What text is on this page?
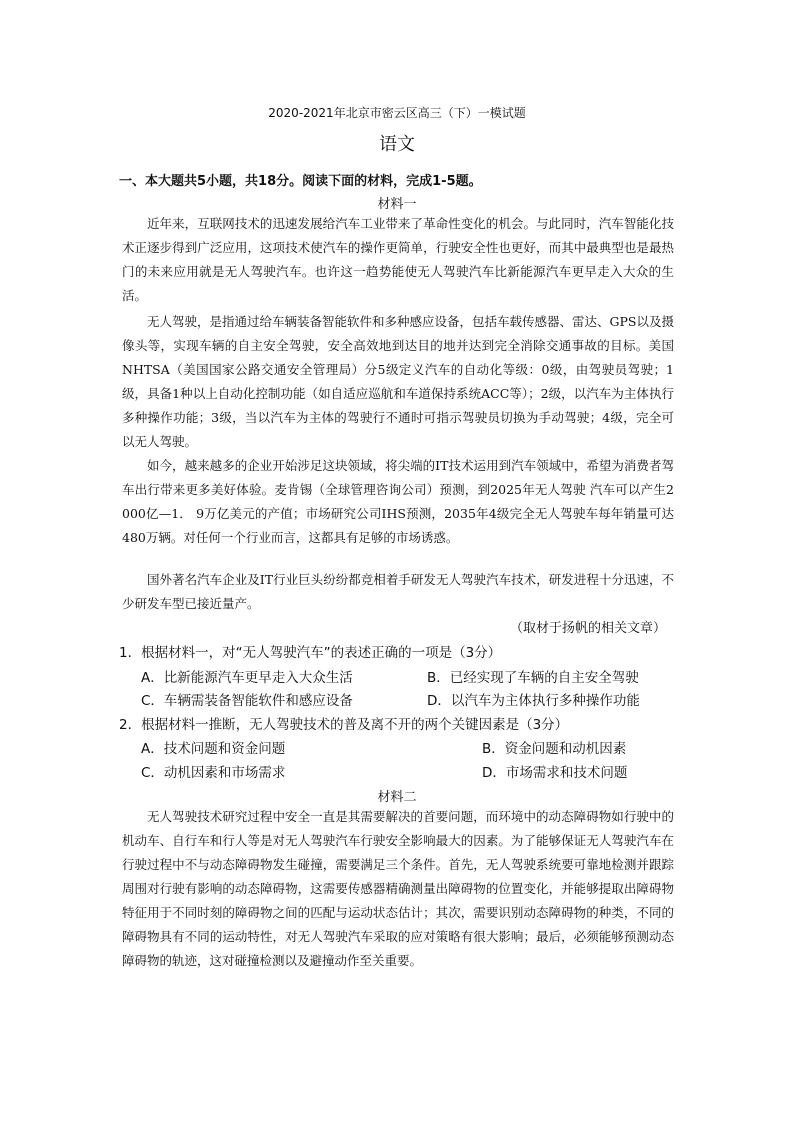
2020-2021年北京市密云区高三（下）一模试题
语文
一、本大题共5小题，共18分。阅读下面的材料，完成1-5题。
材料一
近年来，互联网技术的迅速发展给汽车工业带来了革命性变化的机会。与此同时，汽车智能化技术正逐步得到广泛应用，这项技术使汽车的操作更简单，行驶安全性也更好，而其中最典型也是最热门的未来应用就是无人驾驶汽车。也许这一趋势能使无人驾驶汽车比新能源汽车更早走入大众的生活。
无人驾驶，是指通过给车辆装备智能软件和多种感应设备，包括车载传感器、雷达、GPS以及摄像头等，实现车辆的自主安全驾驶，安全高效地到达目的地并达到完全消除交通事故的目标。美国NHTSA（美国国家公路交通安全管理局）分5级定义汽车的自动化等级：0级，由驾驶员驾驶；1级，具备1种以上自动化控制功能（如自适应巡航和车道保持系统ACC等）；2级，以汽车为主体执行多种操作功能；3级，当以汽车为主体的驾驶行不通时可指示驾驶员切换为手动驾驶；4级，完全可以无人驾驶。
如今，越来越多的企业开始涉足这块领域，将尖端的IT技术运用到汽车领域中，希望为消费者驾车出行带来更多美好体验。麦肯锡（全球管理咨询公司）预测，到2025年无人驾驶 汽车可以产生2 000亿—1． 9万亿美元的产值；市场研究公司IHS预测，2035年4级完全无人驾驶车每年销量可达480万辆。对任何一个行业而言，这都具有足够的市场诱惑。
国外著名汽车企业及IT行业巨头纷纷都竞相着手研发无人驾驶汽车技术，研发进程十分迅速，不少研发车型已接近量产。
（取材于扬帆的相关文章）
1．根据材料一，对“无人驾驶汽车”的表述正确的一项是（3分）
A．比新能源汽车更早走入大众生活	B．已经实现了车辆的自主安全驾驶
C．车辆需装备智能软件和感应设备	D．以汽车为主体执行多种操作功能
2．根据材料一推断，无人驾驶技术的普及离不开的两个关键因素是（3分）
A．技术问题和资金问题	B．资金问题和动机因素
C．动机因素和市场需求	D．市场需求和技术问题
材料二
无人驾驶技术研究过程中安全一直是其需要解决的首要问题，而环境中的动态障碍物如行驶中的机动车、自行车和行人等是对无人驾驶汽车行驶安全影响最大的因素。为了能够保证无人驾驶汽车在行驶过程中不与动态障碍物发生碰撞，需要满足三个条件。首先，无人驾驶系统要可靠地检测并跟踪周围对行驶有影响的动态障碍物，这需要传感器精确测量出障碍物的位置变化，并能够提取出障碍物特征用于不同时刻的障碍物之间的匹配与运动状态估计；其次，需要识别动态障碍物的种类，不同的障碍物具有不同的运动特性，对无人驾驶汽车采取的应对策略有很大影响；最后，必须能够预测动态障碍物的轨迹，这对碰撞检测以及避撞动作至关重要。
